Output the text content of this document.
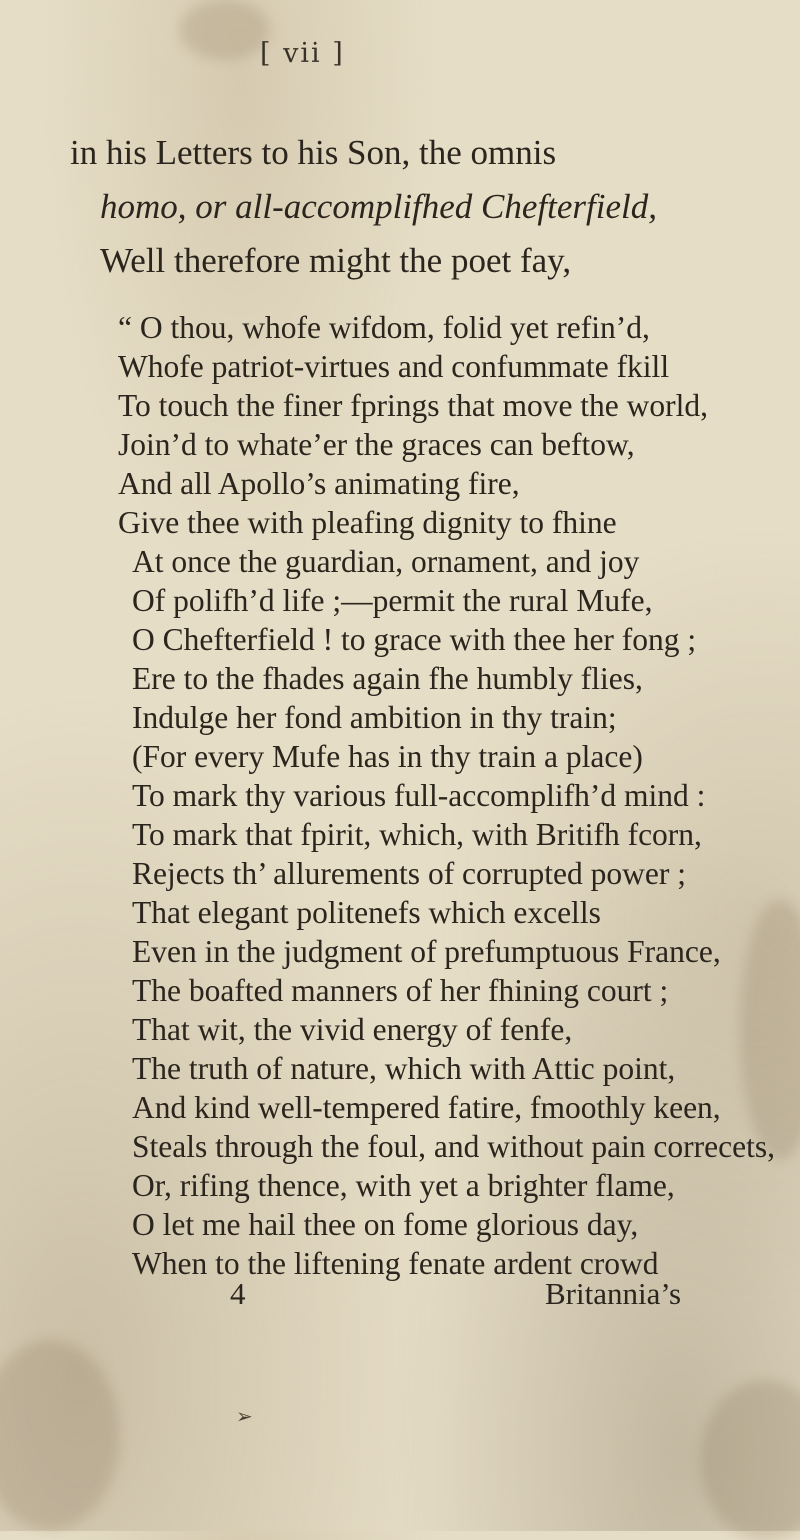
[ vii ]
in his Letters to his Son, the omnis
homo, or all-accomplifhed Chefterfield,
Well therefore might the poet fay,
“ O thou, whofe wifdom, folid yet refin’d,
Whofe patriot-virtues and confummate fkill
To touch the finer fprings that move the world,
Join’d to whate’er the graces can beftow,
And all Apollo’s animating fire,
Give thee with pleafing dignity to fhine
At once the guardian, ornament, and joy
Of polifh’d life ;—permit the rural Mufe,
O Chefterfield ! to grace with thee her fong ;
Ere to the fhades again fhe humbly flies,
Indulge her fond ambition in thy train;
(For every Mufe has in thy train a place)
To mark thy various full-accomplifh’d mind :
To mark that fpirit, which, with Britifh fcorn,
Rejects th’ allurements of corrupted power ;
That elegant politenefs which excells
Even in the judgment of prefumptuous France,
The boafted manners of her fhining court ;
That wit, the vivid energy of fenfe,
The truth of nature, which with Attic point,
And kind well-tempered fatire, fmoothly keen,
Steals through the foul, and without pain correcets,
Or, rifing thence, with yet a brighter flame,
O let me hail thee on fome glorious day,
When to the liftening fenate ardent crowd
4	Britannia’s
➢
